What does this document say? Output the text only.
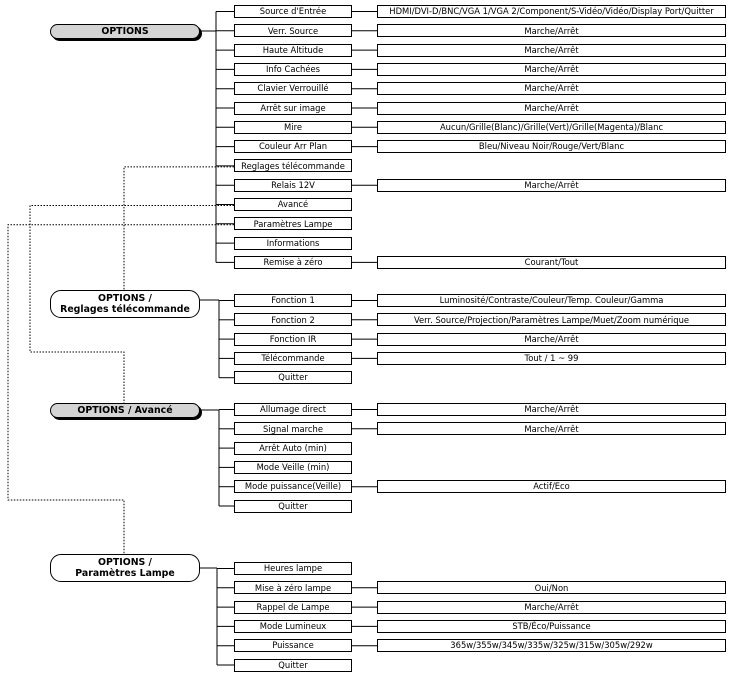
OPTIONS
OPTIONS /
Reglages télécommande
OPTIONS / Avancé
OPTIONS /
Paramètres Lampe
Source d'Entrée	HDMI/DVI-D/BNC/VGA 1/VGA 2/Component/S-Vidéo/Vidéo/Display Port/Quitter
Verr. Source	Marche/Arrêt
Haute Altitude	Marche/Arrêt
Info Cachées	Marche/Arrêt
Clavier Verrouillé	Marche/Arrêt
Arrêt sur image	Marche/Arrêt
Mire	Aucun/Grille(Blanc)/Grille(Vert)/Grille(Magenta)/Blanc
Couleur Arr Plan	Bleu/Niveau Noir/Rouge/Vert/Blanc
Reglages télécommande
Relais 12V	Marche/Arrêt
Avancé
Paramètres Lampe
Informations
Remise à zéro	Courant/Tout
Fonction 1	Luminosité/Contraste/Couleur/Temp. Couleur/Gamma
Fonction 2	Verr. Source/Projection/Paramètres Lampe/Muet/Zoom numérique
Fonction IR	Marche/Arrêt
Télécommande	Tout / 1 ~ 99
Quitter
Allumage direct	Marche/Arrêt
Signal marche	Marche/Arrêt
Arrêt Auto (min)
Mode Veille (min)
Mode puissance(Veille)	Actif/Eco
Quitter
Heures lampe
Mise à zéro lampe	Oui/Non
Rappel de Lampe	Marche/Arrêt
Mode Lumineux	STB/Éco/Puissance
Puissance	365w/355w/345w/335w/325w/315w/305w/292w
Quitter
